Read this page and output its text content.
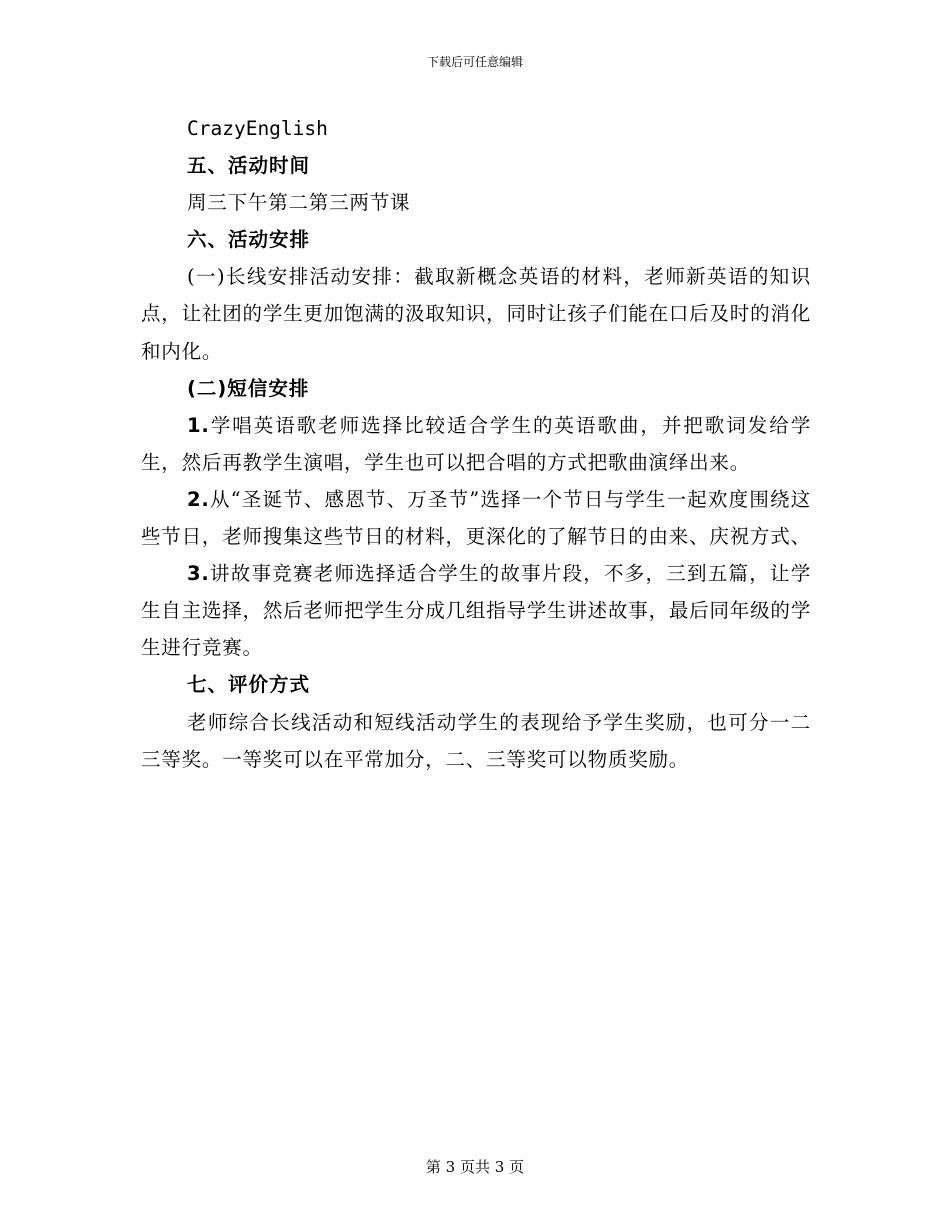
下载后可任意编辑

CrazyEnglish

五、活动时间

周三下午第二第三两节课

六、活动安排

(一)长线安排活动安排：截取新概念英语的材料，老师新英语的知识点，让社团的学生更加饱满的汲取知识，同时让孩子们能在口后及时的消化和内化。

(二)短信安排

1.学唱英语歌老师选择比较适合学生的英语歌曲，并把歌词发给学生，然后再教学生演唱，学生也可以把合唱的方式把歌曲演绎出来。

2.从“圣诞节、感恩节、万圣节”选择一个节日与学生一起欢度围绕这些节日，老师搜集这些节日的材料，更深化的了解节日的由来、庆祝方式、

3.讲故事竞赛老师选择适合学生的故事片段，不多，三到五篇，让学生自主选择，然后老师把学生分成几组指导学生讲述故事，最后同年级的学生进行竞赛。

七、评价方式

老师综合长线活动和短线活动学生的表现给予学生奖励，也可分一二三等奖。一等奖可以在平常加分，二、三等奖可以物质奖励。

第 3 页共 3 页
